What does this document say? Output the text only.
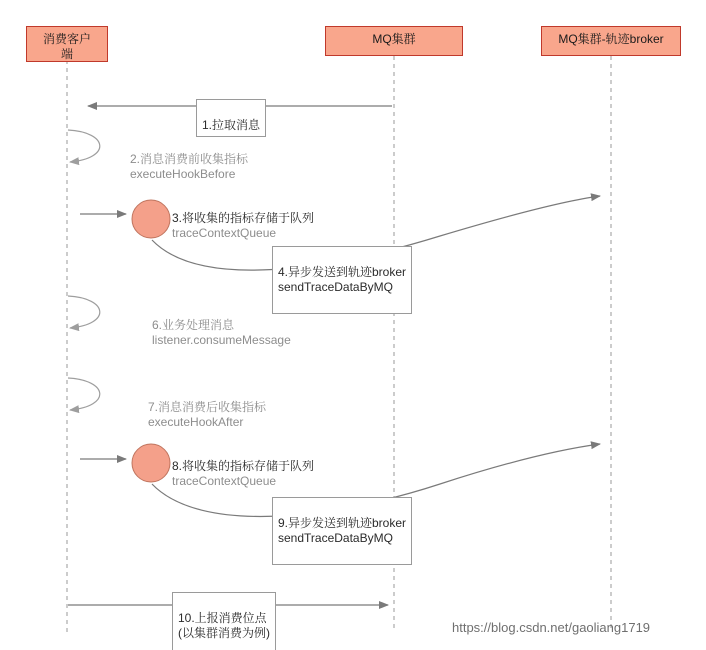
消费客户
端
MQ集群	MQ集群-轨迹broker

1.拉取消息

2.消息消费前收集指标

executeHookBefore

3.将收集的指标存储于队列

traceContextQueue

4.异步发送到轨迹broker

sendTraceDataByMQ

6.业务处理消息

listener.consumeMessage

7.消息消费后收集指标

executeHookAfter

8.将收集的指标存储于队列

traceContextQueue

9.异步发送到轨迹broker

sendTraceDataByMQ

10.上报消费位点

(以集群消费为例)	https://blog.csdn.net/gaoliang1719
